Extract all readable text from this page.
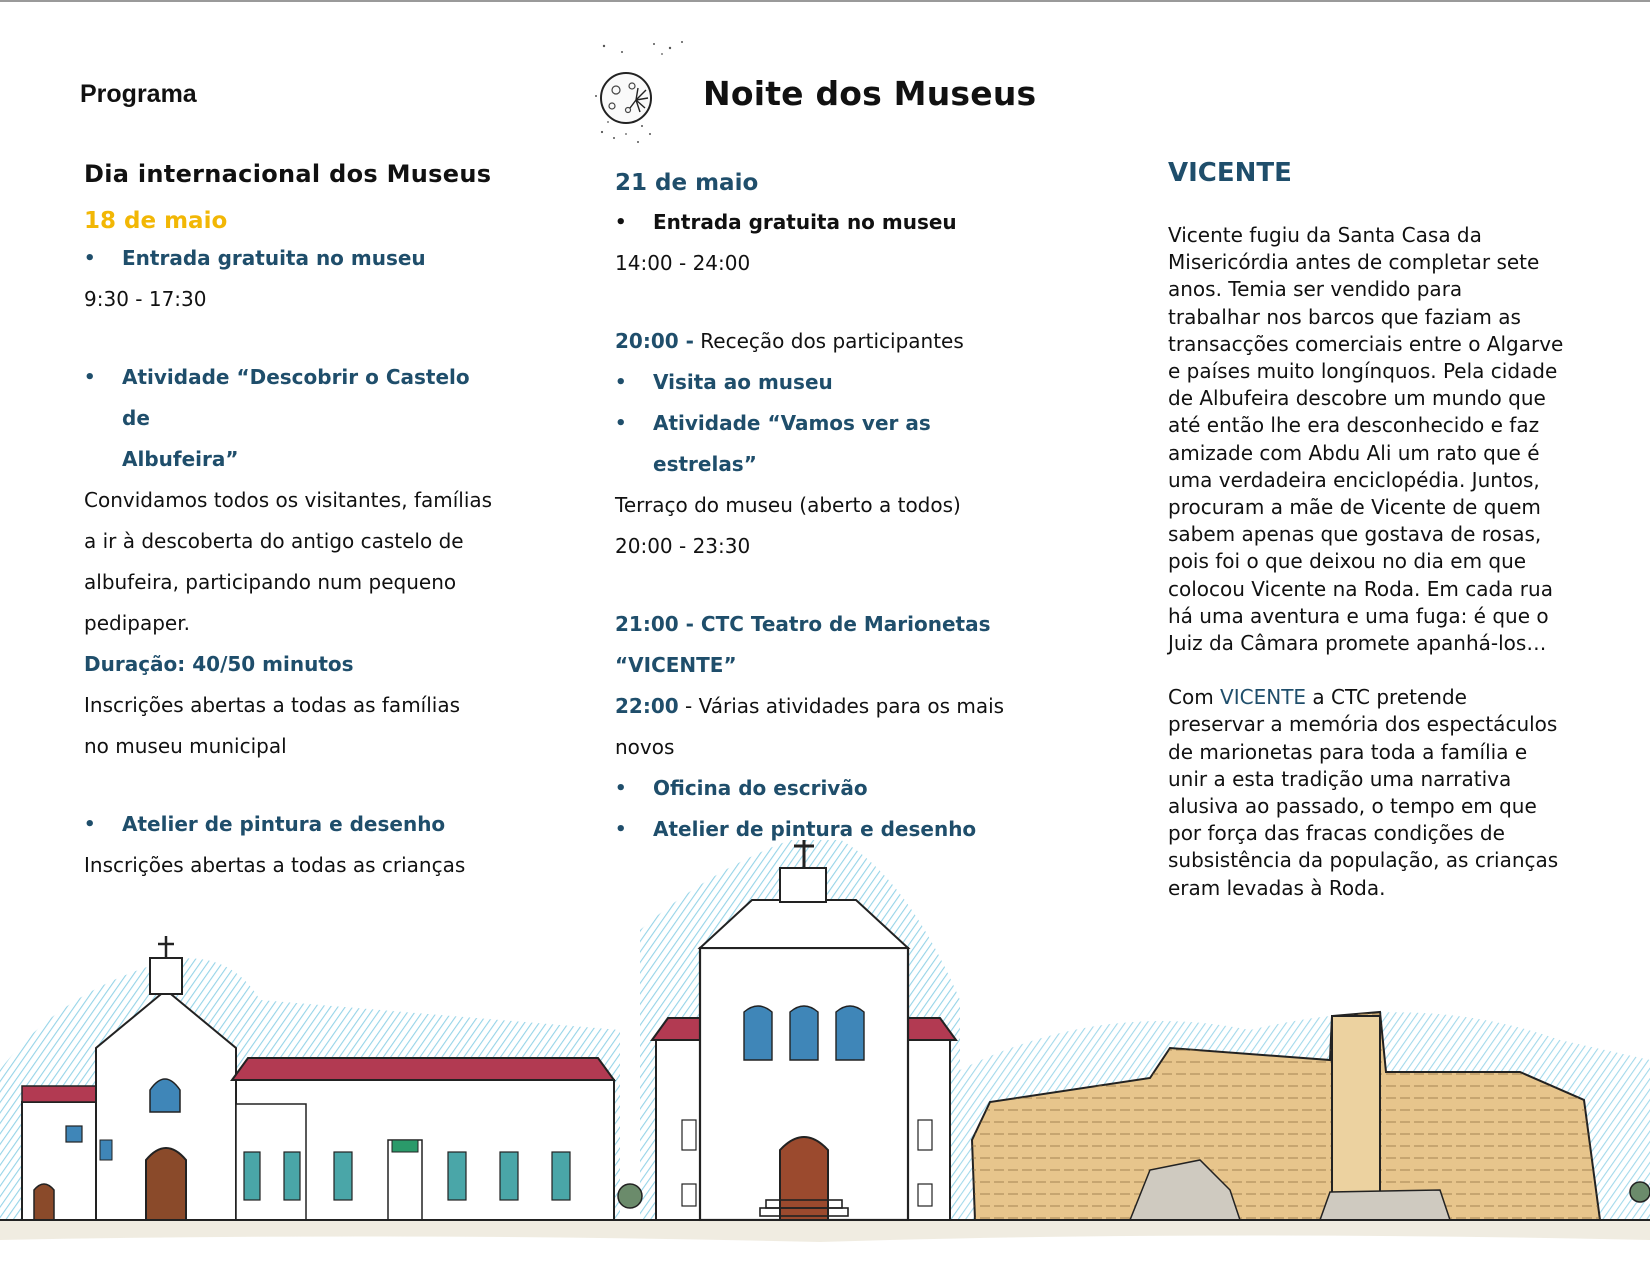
Programa	Noite dos Museus
Dia internacional dos Museus
18 de maio
• Entrada gratuita no museu
9:30 - 17:30
• Atividade “Descobrir o Castelo de
Albufeira”
Convidamos todos os visitantes, famílias
a ir à descoberta do antigo castelo de
albufeira, participando num pequeno
pedipaper.
Duração: 40/50 minutos
Inscrições abertas a todas as famílias
no museu municipal
• Atelier de pintura e desenho
Inscrições abertas a todas as crianças
21 de maio
• Entrada gratuita no museu
14:00 - 24:00
20:00 - Receção dos participantes
• Visita ao museu
• Atividade “Vamos ver as
estrelas”
Terraço do museu (aberto a todos)
20:00 - 23:30
21:00 - CTC Teatro de Marionetas
“VICENTE”
22:00 - Várias atividades para os mais
novos
• Oficina do escrivão
• Atelier de pintura e desenho
VICENTE
Vicente fugiu da Santa Casa da
Misericórdia antes de completar sete
anos. Temia ser vendido para
trabalhar nos barcos que faziam as
transacções comerciais entre o Algarve
e países muito longínquos. Pela cidade
de Albufeira descobre um mundo que
até então lhe era desconhecido e faz
amizade com Abdu Ali um rato que é
uma verdadeira enciclopédia. Juntos,
procuram a mãe de Vicente de quem
sabem apenas que gostava de rosas,
pois foi o que deixou no dia em que
colocou Vicente na Roda. Em cada rua
há uma aventura e uma fuga: é que o
Juiz da Câmara promete apanhá-los…
Com VICENTE a CTC pretende
preservar a memória dos espectáculos
de marionetas para toda a família e
unir a esta tradição uma narrativa
alusiva ao passado, o tempo em que
por força das fracas condições de
subsistência da população, as crianças
eram levadas à Roda.
